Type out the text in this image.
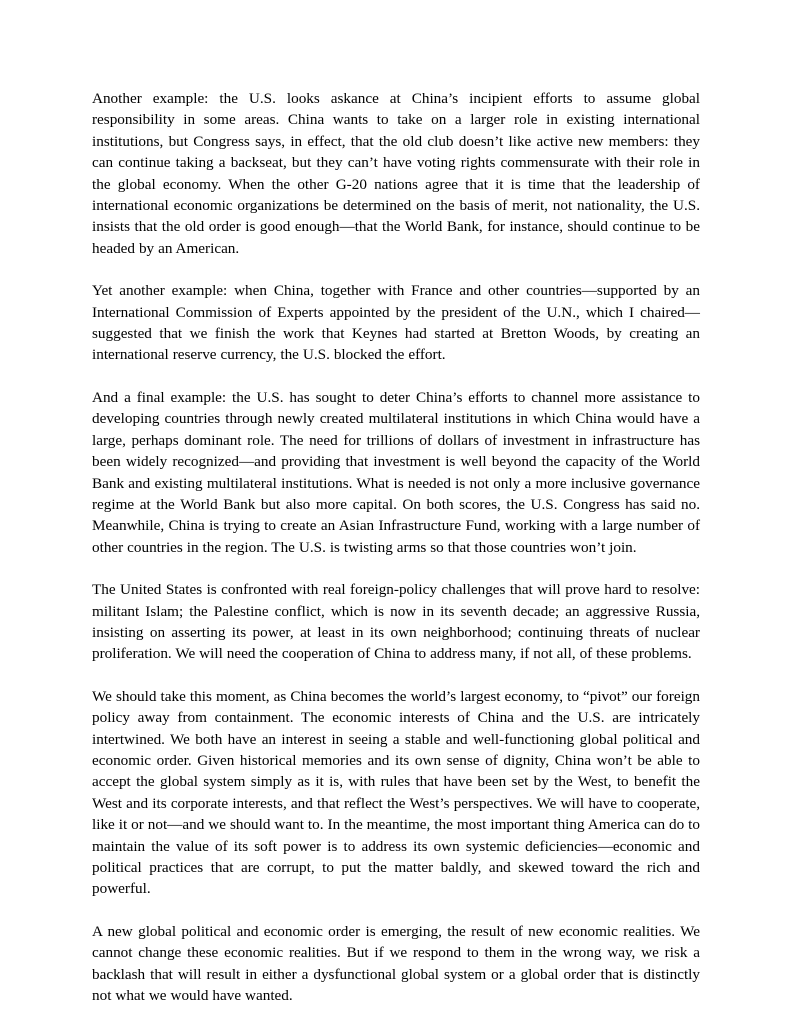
Another example: the U.S. looks askance at China’s incipient efforts to assume global responsibility in some areas. China wants to take on a larger role in existing international institutions, but Congress says, in effect, that the old club doesn’t like active new members: they can continue taking a backseat, but they can’t have voting rights commensurate with their role in the global economy. When the other G-20 nations agree that it is time that the leadership of international economic organizations be determined on the basis of merit, not nationality, the U.S. insists that the old order is good enough—that the World Bank, for instance, should continue to be headed by an American.

Yet another example: when China, together with France and other countries—supported by an International Commission of Experts appointed by the president of the U.N., which I chaired—suggested that we finish the work that Keynes had started at Bretton Woods, by creating an international reserve currency, the U.S. blocked the effort.

And a final example: the U.S. has sought to deter China’s efforts to channel more assistance to developing countries through newly created multilateral institutions in which China would have a large, perhaps dominant role. The need for trillions of dollars of investment in infrastructure has been widely recognized—and providing that investment is well beyond the capacity of the World Bank and existing multilateral institutions. What is needed is not only a more inclusive governance regime at the World Bank but also more capital. On both scores, the U.S. Congress has said no. Meanwhile, China is trying to create an Asian Infrastructure Fund, working with a large number of other countries in the region. The U.S. is twisting arms so that those countries won’t join.

The United States is confronted with real foreign-policy challenges that will prove hard to resolve: militant Islam; the Palestine conflict, which is now in its seventh decade; an aggressive Russia, insisting on asserting its power, at least in its own neighborhood; continuing threats of nuclear proliferation. We will need the cooperation of China to address many, if not all, of these problems.

We should take this moment, as China becomes the world’s largest economy, to “pivot” our foreign policy away from containment. The economic interests of China and the U.S. are intricately intertwined. We both have an interest in seeing a stable and well-functioning global political and economic order. Given historical memories and its own sense of dignity, China won’t be able to accept the global system simply as it is, with rules that have been set by the West, to benefit the West and its corporate interests, and that reflect the West’s perspectives. We will have to cooperate, like it or not—and we should want to. In the meantime, the most important thing America can do to maintain the value of its soft power is to address its own systemic deficiencies—economic and political practices that are corrupt, to put the matter baldly, and skewed toward the rich and powerful.

A new global political and economic order is emerging, the result of new economic realities. We cannot change these economic realities. But if we respond to them in the wrong way, we risk a backlash that will result in either a dysfunctional global system or a global order that is distinctly not what we would have wanted.
